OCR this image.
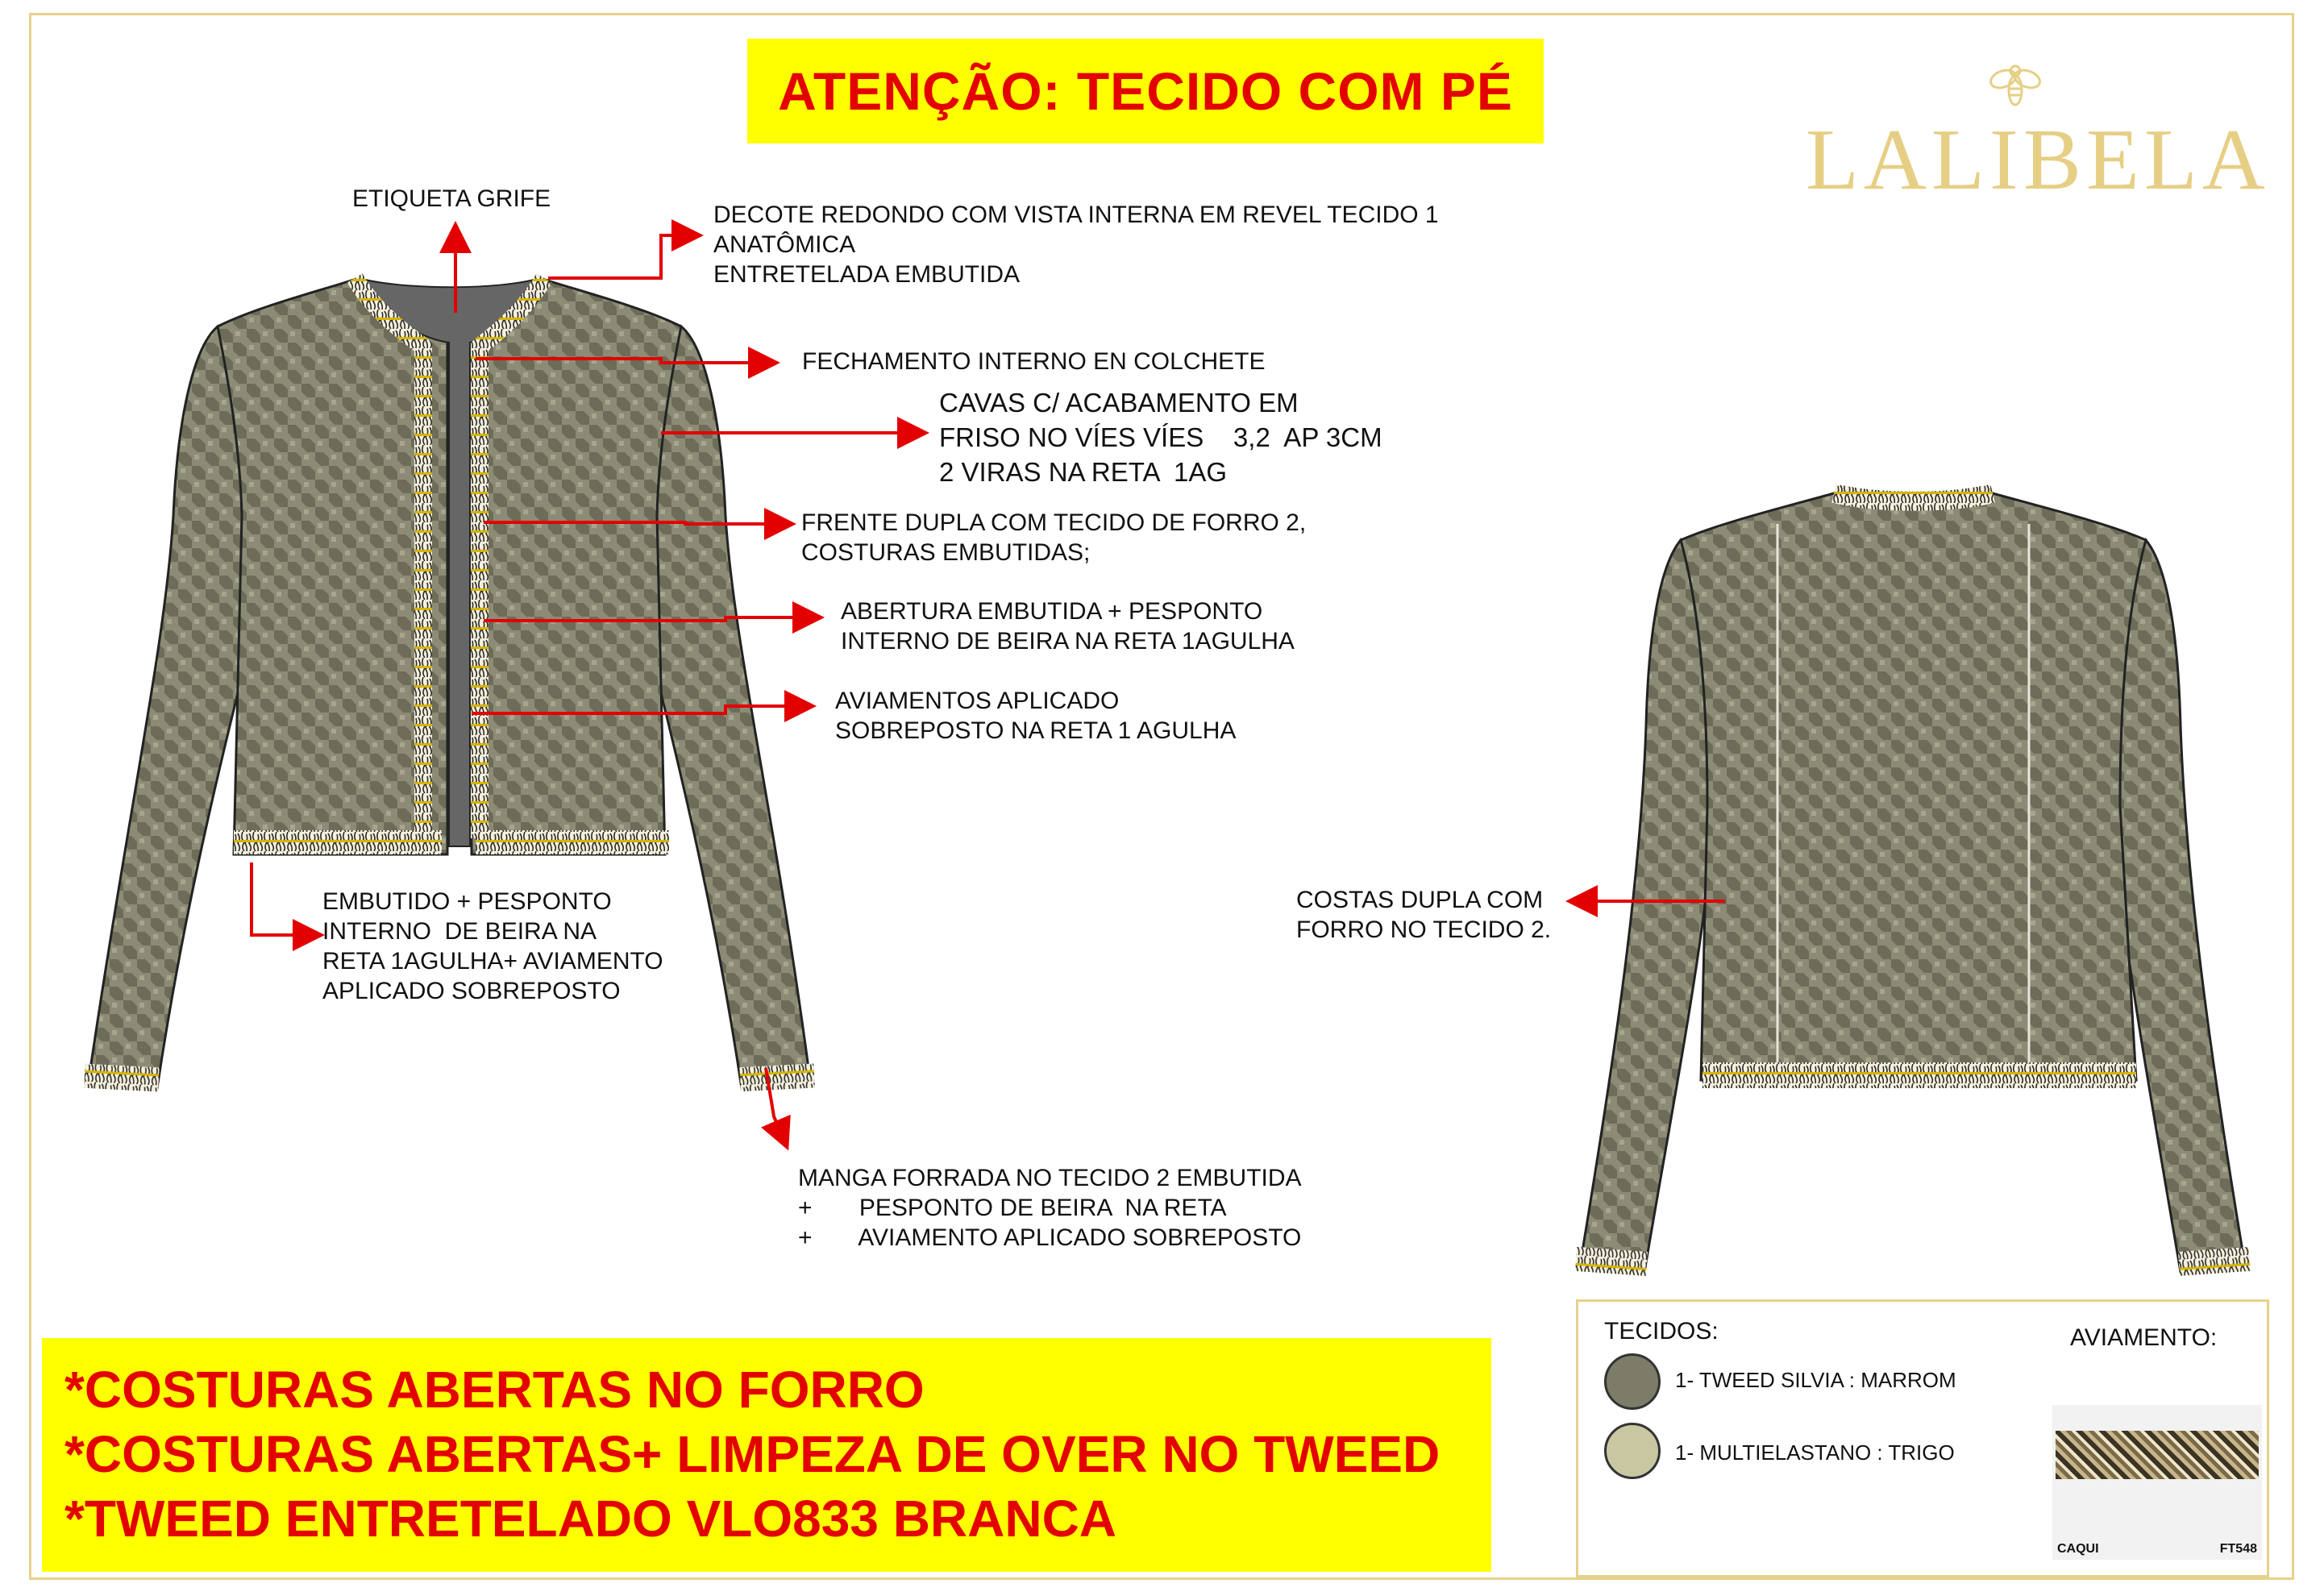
ATENÇÃO: TECIDO COM PÉ
LALIBELA
ETIQUETA GRIFE
DECOTE REDONDO COM VISTA INTERNA EM REVEL TECIDO 1
ANATÔMICA
ENTRETELADA EMBUTIDA
FECHAMENTO INTERNO EN COLCHETE
CAVAS C/ ACABAMENTO EM
FRISO NO VÍES VÍES    3,2  AP 3CM
2 VIRAS NA RETA  1AG
FRENTE DUPLA COM TECIDO DE FORRO 2,
COSTURAS EMBUTIDAS;
ABERTURA EMBUTIDA + PESPONTO
INTERNO DE BEIRA NA RETA 1AGULHA
AVIAMENTOS APLICADO
SOBREPOSTO NA RETA 1 AGULHA
EMBUTIDO + PESPONTO
INTERNO  DE BEIRA NA
RETA 1AGULHA+ AVIAMENTO
APLICADO SOBREPOSTO
MANGA FORRADA NO TECIDO 2 EMBUTIDA
+       PESPONTO DE BEIRA  NA RETA
+       AVIAMENTO APLICADO SOBREPOSTO
COSTAS DUPLA COM
FORRO NO TECIDO 2.
*COSTURAS ABERTAS NO FORRO
*COSTURAS ABERTAS+ LIMPEZA DE OVER NO TWEED
*TWEED ENTRETELADO VLO833 BRANCA
TECIDOS:	AVIAMENTO:
1- TWEED SILVIA : MARROM
1- MULTIELASTANO : TRIGO
CAQUI	FT548
